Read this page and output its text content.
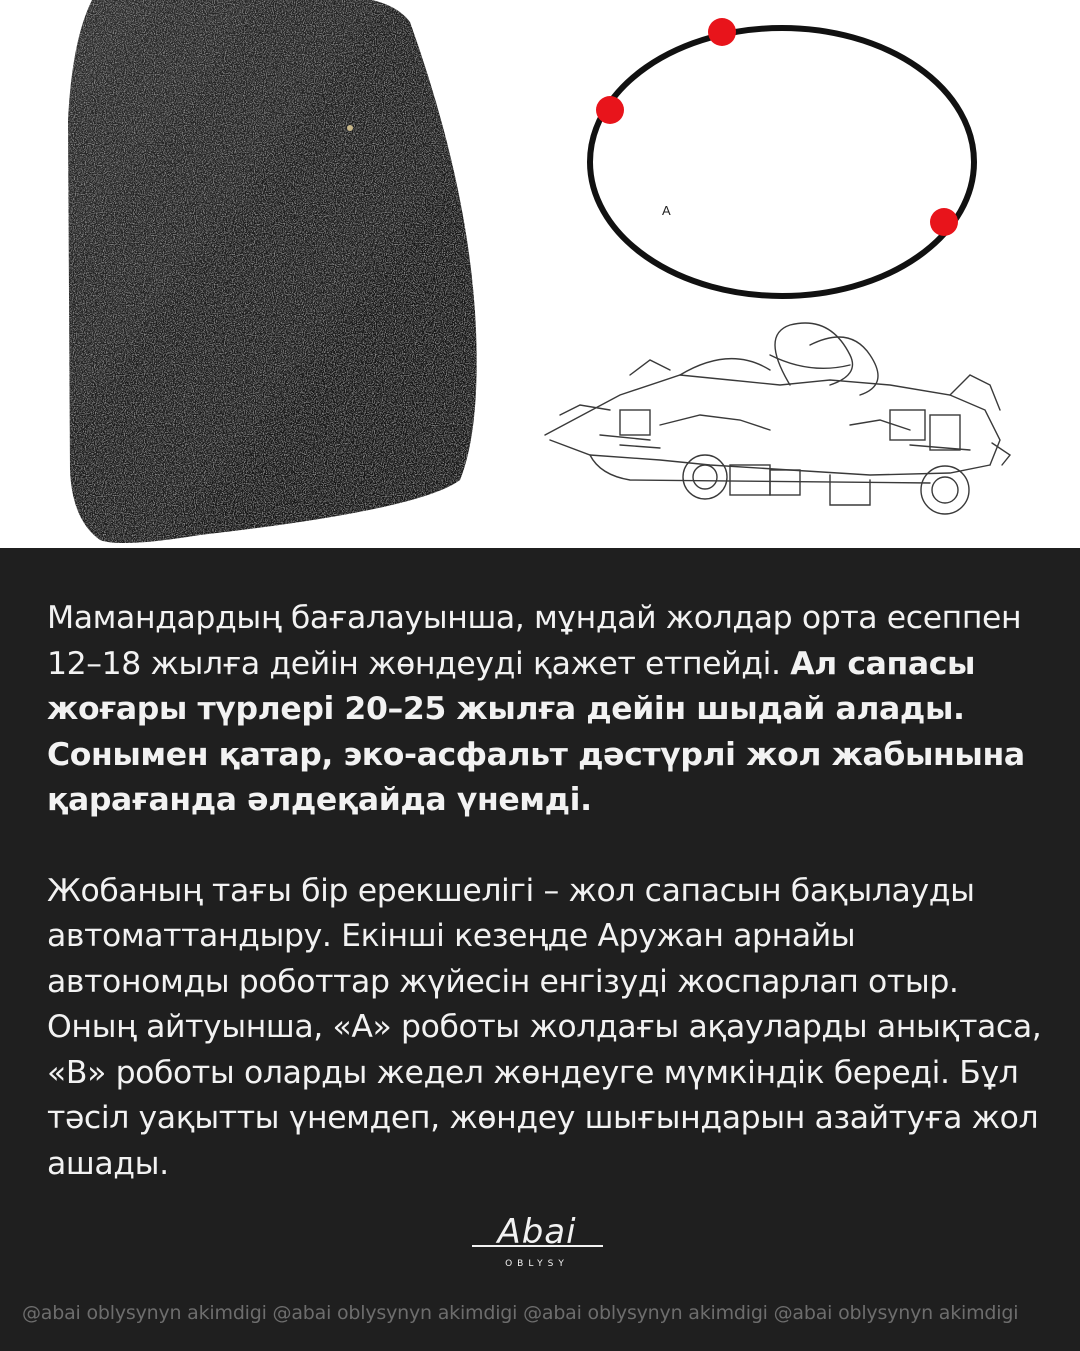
A

Мамандардың бағалауынша, мұндай жолдар орта есеппен 12–18 жылға дейін жөндеуді қажет етпейді. Ал сапасы жоғары түрлері 20–25 жылға дейін шыдай алады. Сонымен қатар, эко-асфальт дәстүрлі жол жабынына қарағанда әлдеқайда үнемді.

Жобаның тағы бір ерекшелігі – жол сапасын бақылауды автоматтандыру. Екінші кезеңде Аружан арнайы автономды роботтар жүйесін енгізуді жоспарлап отыр. Оның айтуынша, «А» роботы жолдағы ақауларды анықтаса, «В» роботы оларды жедел жөндеуге мүмкіндік береді. Бұл тәсіл уақытты үнемдеп, жөндеу шығындарын азайтуға жол ашады.

Abai
OBLYSY
@abai oblysynyn akimdigi @abai oblysynyn akimdigi @abai oblysynyn akimdigi @abai oblysynyn akimdigi
